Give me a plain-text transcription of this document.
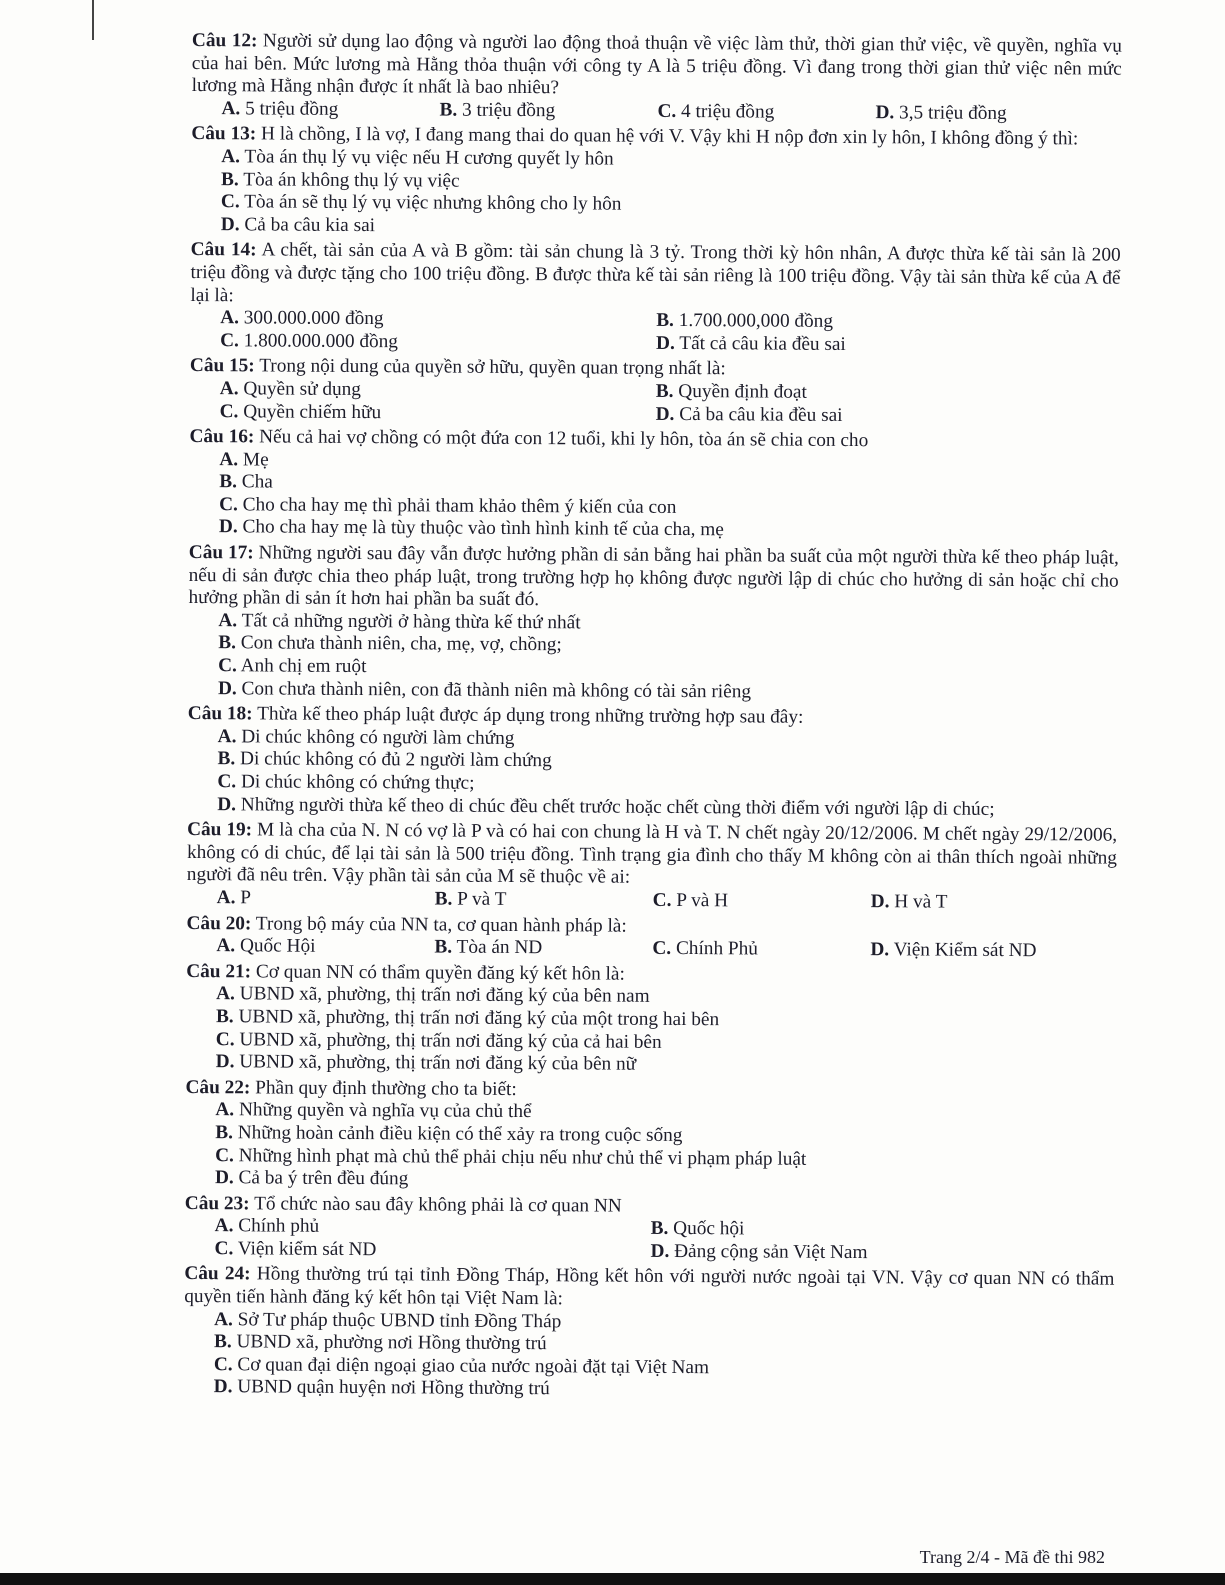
Câu 12: Người sử dụng lao động và người lao động thoả thuận về việc làm thử, thời gian thử việc, về quyền, nghĩa vụ của hai bên. Mức lương mà Hằng thỏa thuận với công ty A là 5 triệu đồng. Vì đang trong thời gian thử việc nên mức lương mà Hằng nhận được ít nhất là bao nhiêu?
A. 5 triệu đồng	B. 3 triệu đồng	C. 4 triệu đồng	D. 3,5 triệu đồng
Câu 13: H là chồng, I là vợ, I đang mang thai do quan hệ với V. Vậy khi H nộp đơn xin ly hôn, I không đồng ý thì:
A. Tòa án thụ lý vụ việc nếu H cương quyết ly hôn
B. Tòa án không thụ lý vụ việc
C. Tòa án sẽ thụ lý vụ việc nhưng không cho ly hôn
D. Cả ba câu kia sai
Câu 14: A chết, tài sản của A và B gồm: tài sản chung là 3 tỷ. Trong thời kỳ hôn nhân, A được thừa kế tài sản là 200 triệu đồng và được tặng cho 100 triệu đồng. B được thừa kế tài sản riêng là 100 triệu đồng. Vậy tài sản thừa kế của A để lại là:
A. 300.000.000 đồng	B. 1.700.000,000 đồng
C. 1.800.000.000 đồng	D. Tất cả câu kia đều sai
Câu 15: Trong nội dung của quyền sở hữu, quyền quan trọng nhất là:
A. Quyền sử dụng	B. Quyền định đoạt
C. Quyền chiếm hữu	D. Cả ba câu kia đều sai
Câu 16: Nếu cả hai vợ chồng có một đứa con 12 tuổi, khi ly hôn, tòa án sẽ chia con cho
A. Mẹ
B. Cha
C. Cho cha hay mẹ thì phải tham khảo thêm ý kiến của con
D. Cho cha hay mẹ là tùy thuộc vào tình hình kinh tế của cha, mẹ
Câu 17: Những người sau đây vẫn được hưởng phần di sản bằng hai phần ba suất của một người thừa kế theo pháp luật, nếu di sản được chia theo pháp luật, trong trường hợp họ không được người lập di chúc cho hưởng di sản hoặc chỉ cho hưởng phần di sản ít hơn hai phần ba suất đó.
A. Tất cả những người ở hàng thừa kế thứ nhất
B. Con chưa thành niên, cha, mẹ, vợ, chồng;
C. Anh chị em ruột
D. Con chưa thành niên, con đã thành niên mà không có tài sản riêng
Câu 18: Thừa kế theo pháp luật được áp dụng trong những trường hợp sau đây:
A. Di chúc không có người làm chứng
B. Di chúc không có đủ 2 người làm chứng
C. Di chúc không có chứng thực;
D. Những người thừa kế theo di chúc đều chết trước hoặc chết cùng thời điểm với người lập di chúc;
Câu 19: M là cha của N. N có vợ là P và có hai con chung là H và T. N chết ngày 20/12/2006. M chết ngày 29/12/2006, không có di chúc, để lại tài sản là 500 triệu đồng. Tình trạng gia đình cho thấy M không còn ai thân thích ngoài những người đã nêu trên. Vậy phần tài sản của M sẽ thuộc về ai:
A. P	B. P và T	C. P và H	D. H và T
Câu 20: Trong bộ máy của NN ta, cơ quan hành pháp là:
A. Quốc Hội	B. Tòa án ND	C. Chính Phủ	D. Viện Kiểm sát ND
Câu 21: Cơ quan NN có thẩm quyền đăng ký kết hôn là:
A. UBND xã, phường, thị trấn nơi đăng ký của bên nam
B. UBND xã, phường, thị trấn nơi đăng ký của một trong hai bên
C. UBND xã, phường, thị trấn nơi đăng ký của cả hai bên
D. UBND xã, phường, thị trấn nơi đăng ký của bên nữ
Câu 22: Phần quy định thường cho ta biết:
A. Những quyền và nghĩa vụ của chủ thể
B. Những hoàn cảnh điều kiện có thể xảy ra trong cuộc sống
C. Những hình phạt mà chủ thể phải chịu nếu như chủ thể vi phạm pháp luật
D. Cả ba ý trên đều đúng
Câu 23: Tổ chức nào sau đây không phải là cơ quan NN
A. Chính phủ	B. Quốc hội
C. Viện kiểm sát ND	D. Đảng cộng sản Việt Nam
Câu 24: Hồng thường trú tại tỉnh Đồng Tháp, Hồng kết hôn với người nước ngoài tại VN. Vậy cơ quan NN có thẩm quyền tiến hành đăng ký kết hôn tại Việt Nam là:
A. Sở Tư pháp thuộc UBND tỉnh Đồng Tháp
B. UBND xã, phường nơi Hồng thường trú
C. Cơ quan đại diện ngoại giao của nước ngoài đặt tại Việt Nam
D. UBND quận huyện nơi Hồng thường trú
Trang 2/4 - Mã đề thi 982
